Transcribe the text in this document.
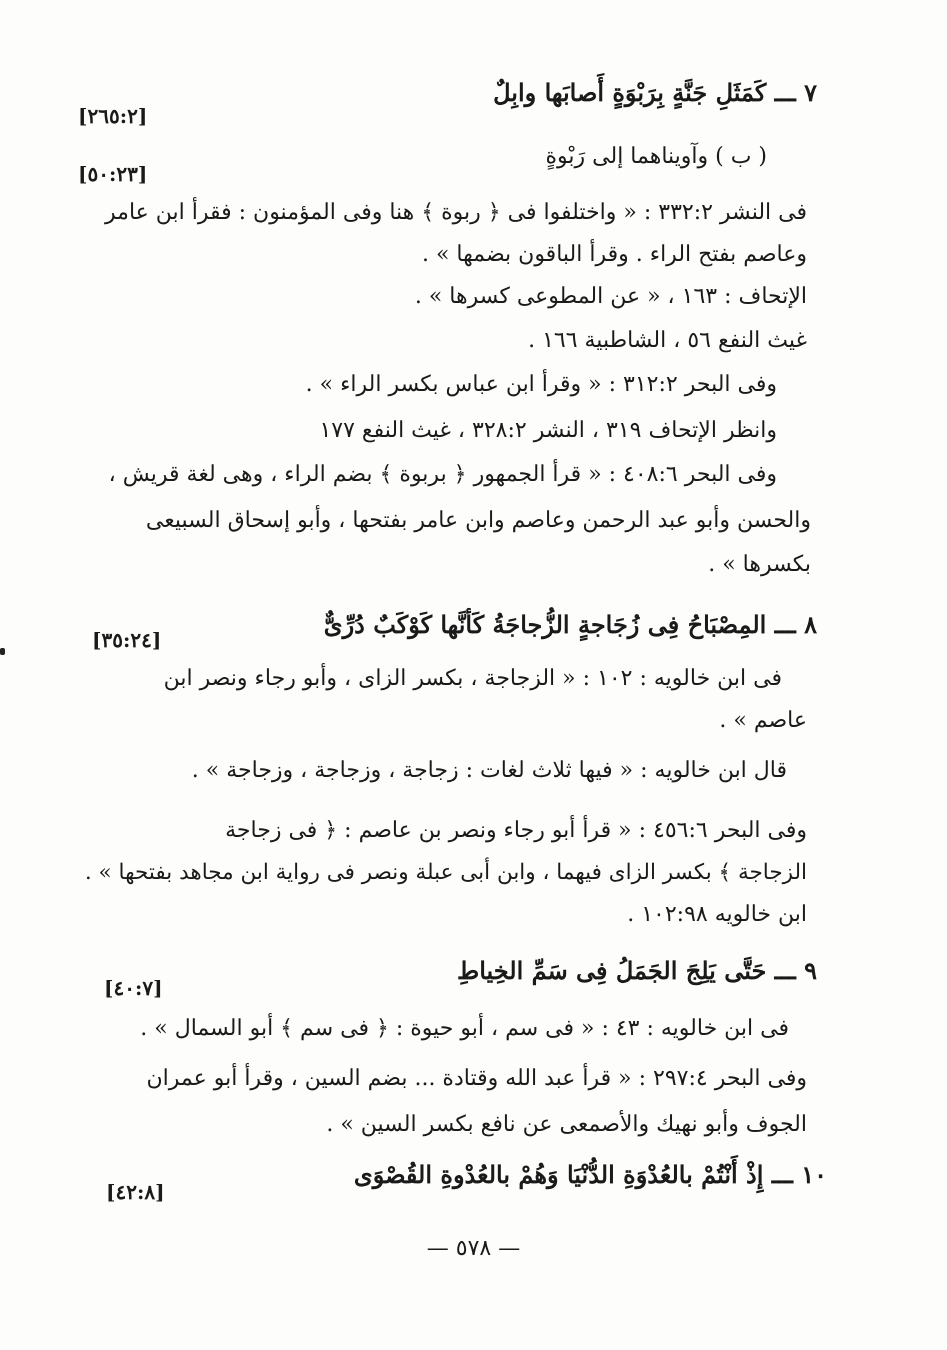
٧ ـــ كَمَثَلِ جَنَّةٍ بِرَبْوَةٍ أَصابَها وابِلٌ
[٢٦٥:٢]
( ب ) وآويناهما إلى رَبْوةٍ
[٥٠:٢٣]
فى النشر ٣٣٢:٢ : « واختلفوا فى ﴿ ربوة ﴾ هنا وفى المؤمنون : فقرأ ابن عامر
وعاصم بفتح الراء . وقرأ الباقون بضمها » .
الإتحاف : ١٦٣ ، « عن المطوعى كسرها » .
غيث النفع ٥٦ ، الشاطبية ١٦٦ .
وفى البحر ٣١٢:٢ : « وقرأ ابن عباس بكسر الراء » .
وانظر الإتحاف ٣١٩ ، النشر ٣٢٨:٢ ، غيث النفع ١٧٧
وفى البحر ٤٠٨:٦ : « قرأ الجمهور ﴿ بربوة ﴾ بضم الراء ، وهى لغة قريش ،
والحسن وأبو عبد الرحمن وعاصم وابن عامر بفتحها ، وأبو إسحاق السبيعى
بكسرها » .
٨ ـــ المِصْبَاحُ فِى زُجَاجةٍ الزُّجاجَةُ كَأنَّها كَوْكَبٌ دُرِّىٌّ
[٣٥:٢٤]
فى ابن خالويه : ١٠٢ : « الزجاجة ، بكسر الزاى ، وأبو رجاء ونصر ابن
عاصم » .
قال ابن خالويه : « فيها ثلاث لغات : زجاجة ، وزجاجة ، وزجاجة » .
وفى البحر ٤٥٦:٦ : « قرأ أبو رجاء ونصر بن عاصم : ﴿ فى زجاجة
الزجاجة ﴾ بكسر الزاى فيهما ، وابن أبى عبلة ونصر فى رواية ابن مجاهد بفتحها » .
ابن خالويه ١٠٢:٩٨ .
٩ ـــ حَتَّى يَلِجَ الجَمَلُ فِى سَمِّ الخِياطِ
[٤٠:٧]
فى ابن خالويه : ٤٣ : « فى سم ، أبو حيوة : ﴿ فى سم ﴾ أبو السمال » .
وفى البحر ٢٩٧:٤ : « قرأ عبد الله وقتادة ... بضم السين ، وقرأ أبو عمران
الجوف وأبو نهيك والأصمعى عن نافع بكسر السين » .
١٠ ـــ إِذْ أَنْتُمْ بالعُدْوَةِ الدُّنْيَا وَهُمْ بالعُدْوةِ القُصْوَى
[٤٢:٨]
— ٥٧٨ —
